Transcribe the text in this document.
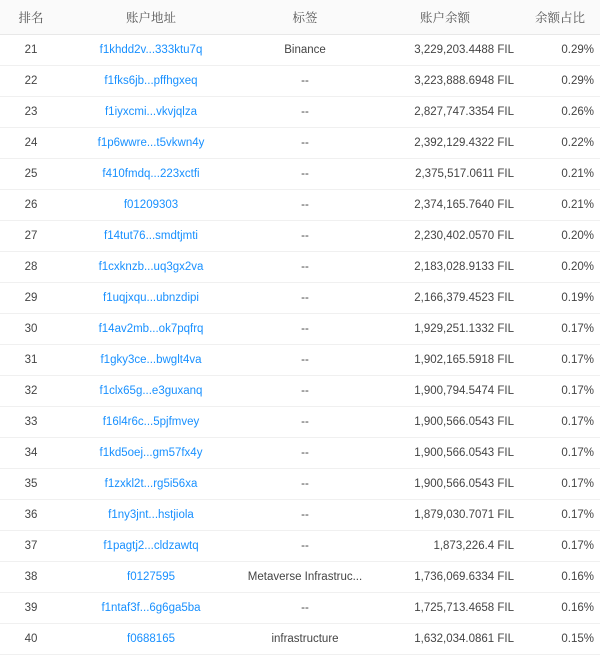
排名	账户地址	标签	账户余额	余额占比
21	f1khdd2v...333ktu7q	Binance	3,229,203.4488 FIL	0.29%
22	f1fks6jb...pffhgxeq	--	3,223,888.6948 FIL	0.29%
23	f1iyxcmi...vkvjqlza	--	2,827,747.3354 FIL	0.26%
24	f1p6wwre...t5vkwn4y	--	2,392,129.4322 FIL	0.22%
25	f410fmdq...223xctfi	--	2,375,517.0611 FIL	0.21%
26	f01209303	--	2,374,165.7640 FIL	0.21%
27	f14tut76...smdtjmti	--	2,230,402.0570 FIL	0.20%
28	f1cxknzb...uq3gx2va	--	2,183,028.9133 FIL	0.20%
29	f1uqjxqu...ubnzdipi	--	2,166,379.4523 FIL	0.19%
30	f14av2mb...ok7pqfrq	--	1,929,251.1332 FIL	0.17%
31	f1gky3ce...bwglt4va	--	1,902,165.5918 FIL	0.17%
32	f1clx65g...e3guxanq	--	1,900,794.5474 FIL	0.17%
33	f16l4r6c...5pjfmvey	--	1,900,566.0543 FIL	0.17%
34	f1kd5oej...gm57fx4y	--	1,900,566.0543 FIL	0.17%
35	f1zxkl2t...rg5i56xa	--	1,900,566.0543 FIL	0.17%
36	f1ny3jnt...hstjiola	--	1,879,030.7071 FIL	0.17%
37	f1pagtj2...cldzawtq	--	1,873,226.4 FIL	0.17%
38	f0127595	Metaverse Infrastruc...	1,736,069.6334 FIL	0.16%
39	f1ntaf3f...6g6ga5ba	--	1,725,713.4658 FIL	0.16%
40	f0688165	infrastructure	1,632,034.0861 FIL	0.15%
